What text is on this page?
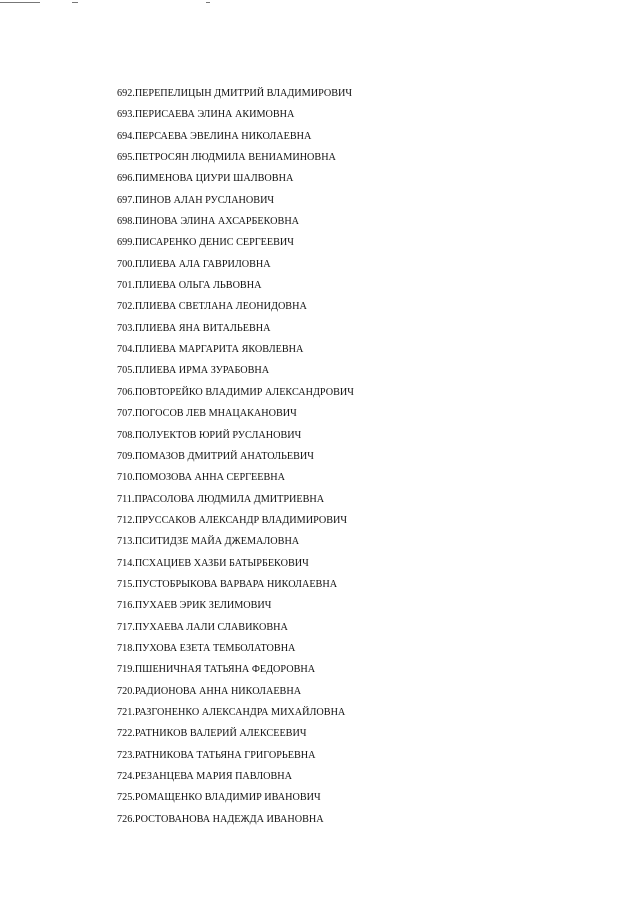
692.ПЕРЕПЕЛИЦЫН ДМИТРИЙ ВЛАДИМИРОВИЧ
693.ПЕРИСАЕВА ЭЛИНА АКИМОВНА
694.ПЕРСАЕВА ЭВЕЛИНА НИКОЛАЕВНА
695.ПЕТРОСЯН ЛЮДМИЛА ВЕНИАМИНОВНА
696.ПИМЕНОВА ЦИУРИ ШАЛВОВНА
697.ПИНОВ АЛАН РУСЛАНОВИЧ
698.ПИНОВА ЭЛИНА АХСАРБЕКОВНА
699.ПИСАРЕНКО ДЕНИС СЕРГЕЕВИЧ
700.ПЛИЕВА АЛА ГАВРИЛОВНА
701.ПЛИЕВА ОЛЬГА ЛЬВОВНА
702.ПЛИЕВА СВЕТЛАНА ЛЕОНИДОВНА
703.ПЛИЕВА ЯНА ВИТАЛЬЕВНА
704.ПЛИЕВА МАРГАРИТА ЯКОВЛЕВНА
705.ПЛИЕВА ИРМА ЗУРАБОВНА
706.ПОВТОРЕЙКО ВЛАДИМИР АЛЕКСАНДРОВИЧ
707.ПОГОСОВ ЛЕВ МНАЦАКАНОВИЧ
708.ПОЛУЕКТОВ ЮРИЙ РУСЛАНОВИЧ
709.ПОМАЗОВ ДМИТРИЙ АНАТОЛЬЕВИЧ
710.ПОМОЗОВА АННА СЕРГЕЕВНА
711.ПРАСОЛОВА ЛЮДМИЛА ДМИТРИЕВНА
712.ПРУССАКОВ АЛЕКСАНДР ВЛАДИМИРОВИЧ
713.ПСИТИДЗЕ МАЙА ДЖЕМАЛОВНА
714.ПСХАЦИЕВ ХАЗБИ БАТЫРБЕКОВИЧ
715.ПУСТОБРЫКОВА ВАРВАРА НИКОЛАЕВНА
716.ПУХАЕВ ЭРИК ЗЕЛИМОВИЧ
717.ПУХАЕВА ЛАЛИ СЛАВИКОВНА
718.ПУХОВА ЕЗЕТА ТЕМБОЛАТОВНА
719.ПШЕНИЧНАЯ ТАТЬЯНА ФЕДОРОВНА
720.РАДИОНОВА АННА НИКОЛАЕВНА
721.РАЗГОНЕНКО АЛЕКСАНДРА МИХАЙЛОВНА
722.РАТНИКОВ ВАЛЕРИЙ АЛЕКСЕЕВИЧ
723.РАТНИКОВА ТАТЬЯНА ГРИГОРЬЕВНА
724.РЕЗАНЦЕВА МАРИЯ ПАВЛОВНА
725.РОМАЩЕНКО ВЛАДИМИР ИВАНОВИЧ
726.РОСТОВАНОВА НАДЕЖДА ИВАНОВНА
